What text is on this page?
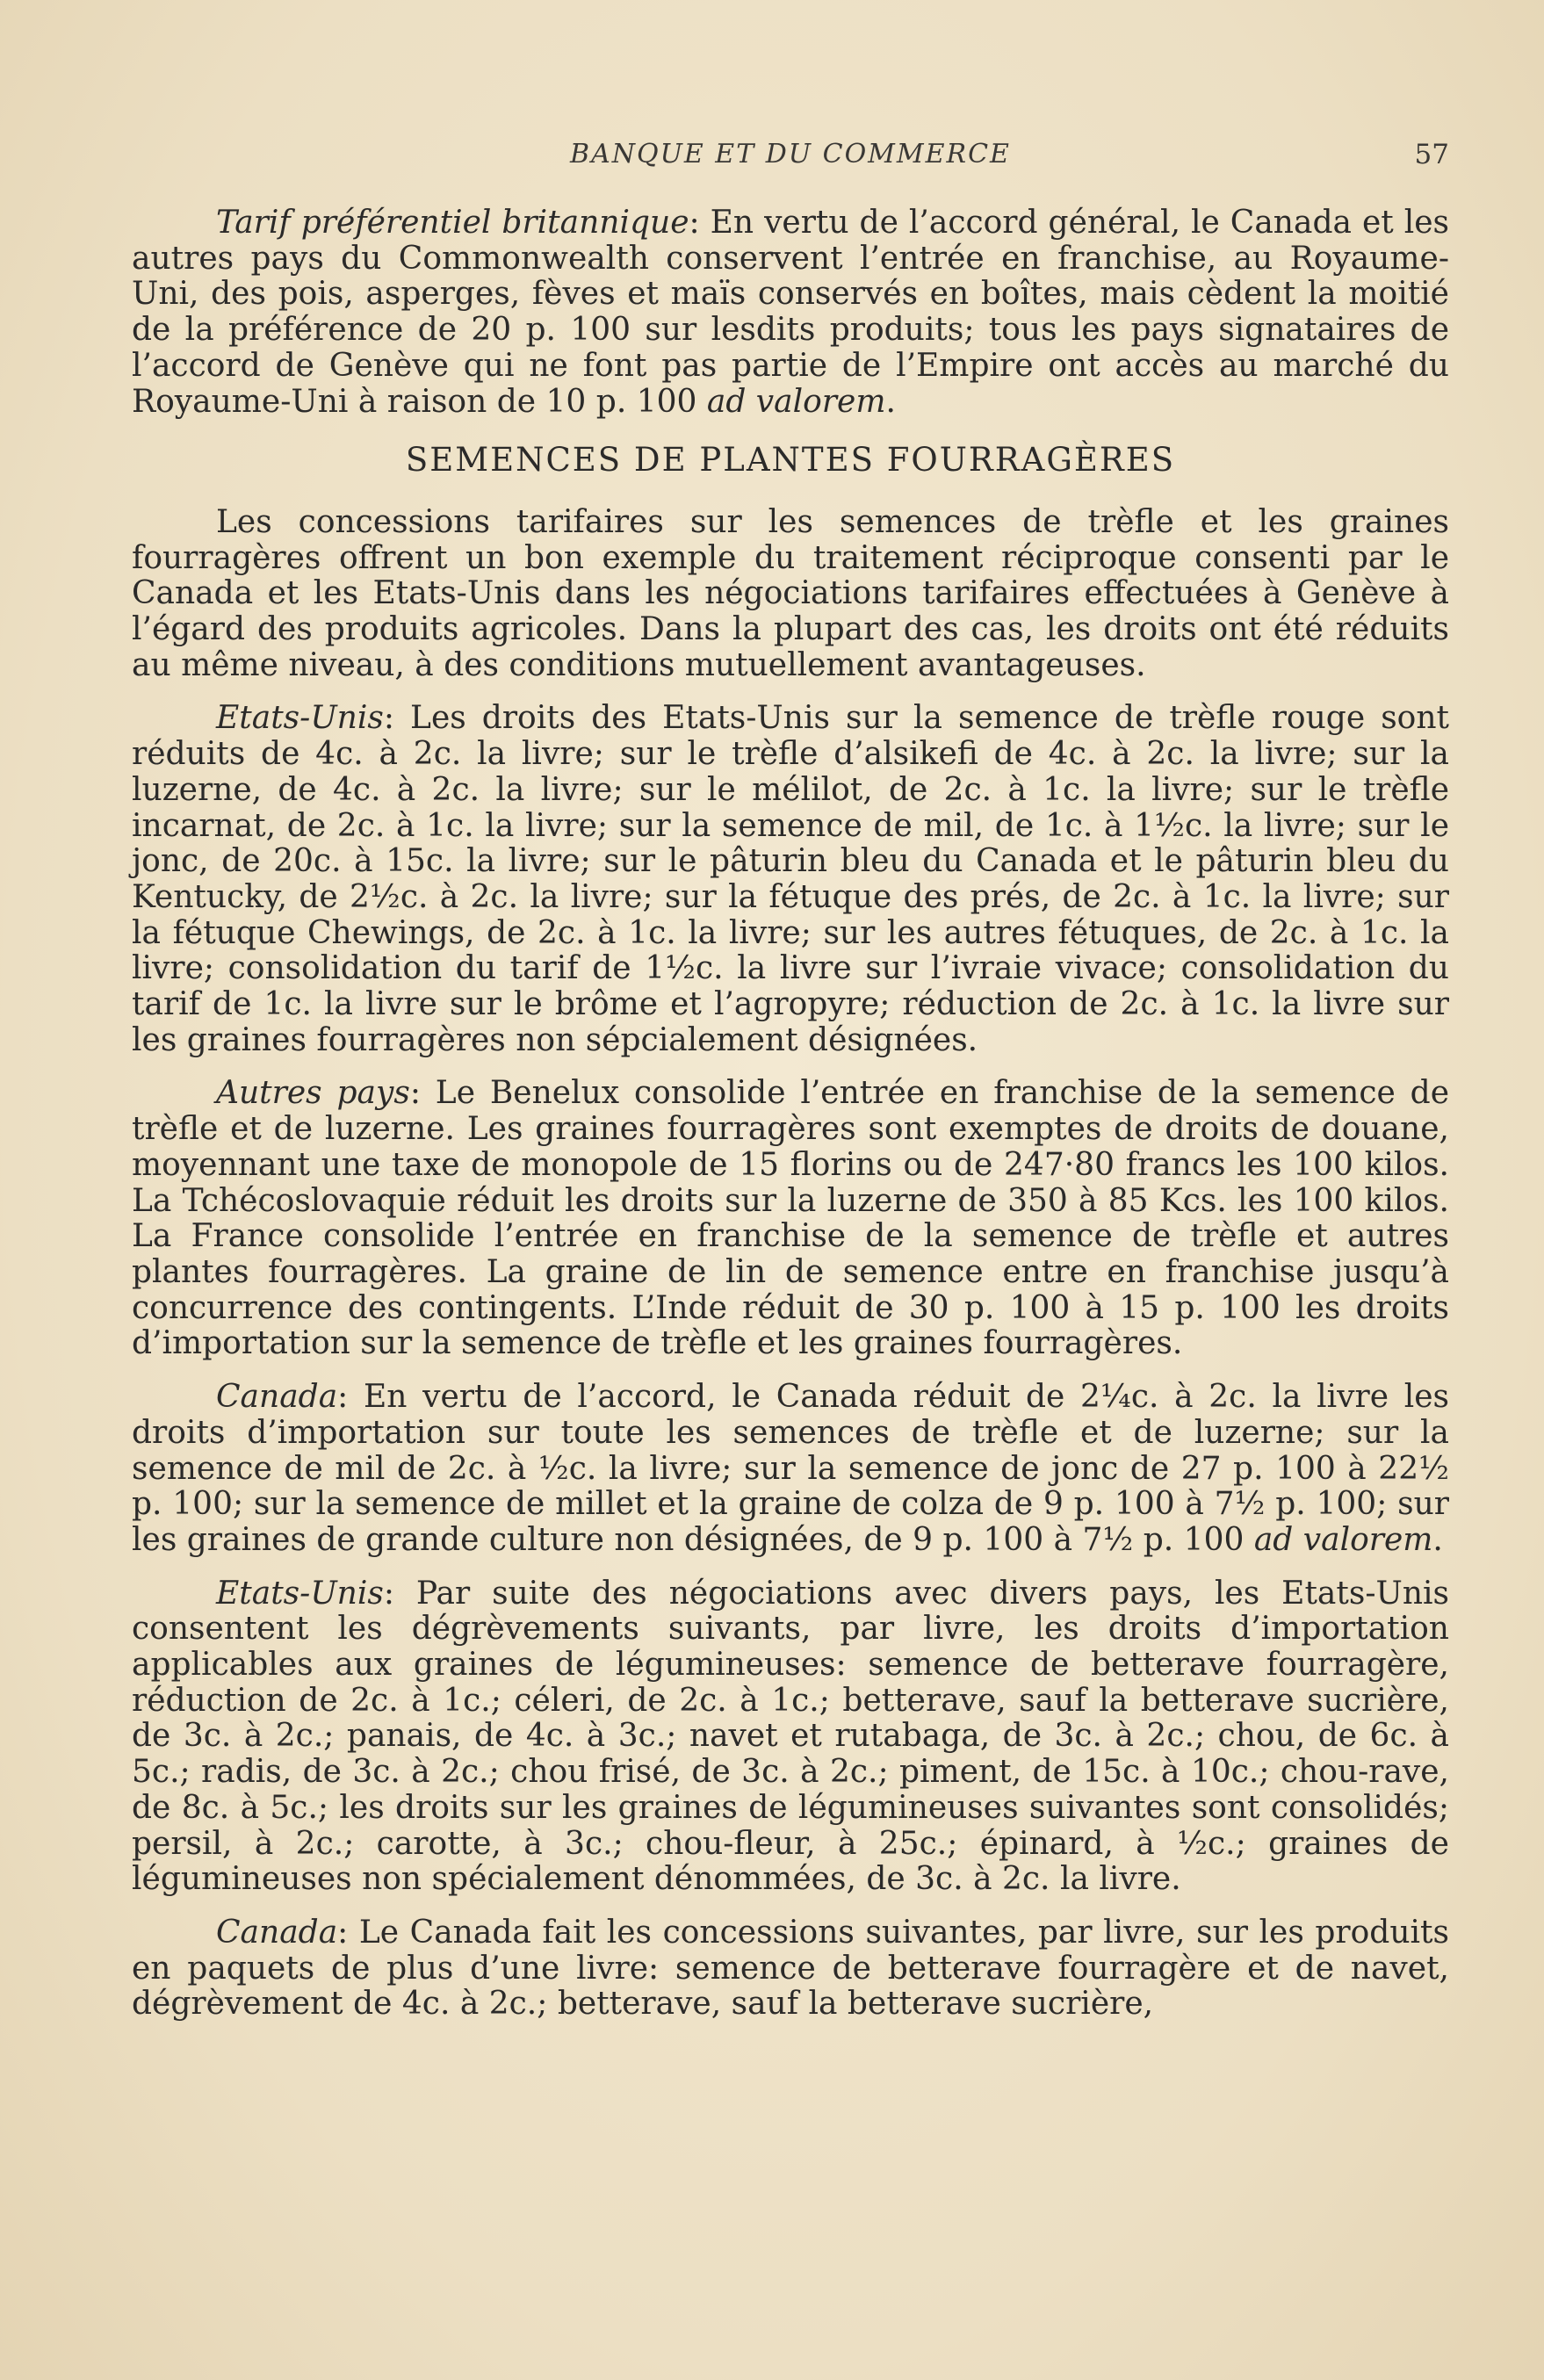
BANQUE ET DU COMMERCE	57

Tarif préférentiel britannique: En vertu de l’accord général, le Canada et les autres pays du Commonwealth conservent l’entrée en franchise, au Royaume-Uni, des pois, asperges, fèves et maïs conservés en boîtes, mais cèdent la moitié de la préférence de 20 p. 100 sur lesdits produits; tous les pays signataires de l’accord de Genève qui ne font pas partie de l’Empire ont accès au marché du Royaume-Uni à raison de 10 p. 100 ad valorem.

SEMENCES DE PLANTES FOURRAGÈRES

Les concessions tarifaires sur les semences de trèfle et les graines fourragères offrent un bon exemple du traitement réciproque consenti par le Canada et les Etats-Unis dans les négociations tarifaires effectuées à Genève à l’égard des produits agricoles. Dans la plupart des cas, les droits ont été réduits au même niveau, à des conditions mutuellement avantageuses.

Etats-Unis: Les droits des Etats-Unis sur la semence de trèfle rouge sont réduits de 4c. à 2c. la livre; sur le trèfle d’alsikefi de 4c. à 2c. la livre; sur la luzerne, de 4c. à 2c. la livre; sur le mélilot, de 2c. à 1c. la livre; sur le trèfle incarnat, de 2c. à 1c. la livre; sur la semence de mil, de 1c. à 1½c. la livre; sur le jonc, de 20c. à 15c. la livre; sur le pâturin bleu du Canada et le pâturin bleu du Kentucky, de 2½c. à 2c. la livre; sur la fétuque des prés, de 2c. à 1c. la livre; sur la fétuque Chewings, de 2c. à 1c. la livre; sur les autres fétuques, de 2c. à 1c. la livre; consolidation du tarif de 1½c. la livre sur l’ivraie vivace; consolidation du tarif de 1c. la livre sur le brôme et l’agropyre; réduction de 2c. à 1c. la livre sur les graines fourragères non sépcialement désignées.

Autres pays: Le Benelux consolide l’entrée en franchise de la semence de trèfle et de luzerne. Les graines fourragères sont exemptes de droits de douane, moyennant une taxe de monopole de 15 florins ou de 247·80 francs les 100 kilos. La Tchécoslovaquie réduit les droits sur la luzerne de 350 à 85 Kcs. les 100 kilos. La France consolide l’entrée en franchise de la semence de trèfle et autres plantes fourragères. La graine de lin de semence entre en franchise jusqu’à concurrence des contingents. L’Inde réduit de 30 p. 100 à 15 p. 100 les droits d’importation sur la semence de trèfle et les graines fourragères.

Canada: En vertu de l’accord, le Canada réduit de 2¼c. à 2c. la livre les droits d’importation sur toute les semences de trèfle et de luzerne; sur la semence de mil de 2c. à ½c. la livre; sur la semence de jonc de 27 p. 100 à 22½ p. 100; sur la semence de millet et la graine de colza de 9 p. 100 à 7½ p. 100; sur les graines de grande culture non désignées, de 9 p. 100 à 7½ p. 100 ad valorem.

Etats-Unis: Par suite des négociations avec divers pays, les Etats-Unis consentent les dégrèvements suivants, par livre, les droits d’importation applicables aux graines de légumineuses: semence de betterave fourragère, réduction de 2c. à 1c.; céleri, de 2c. à 1c.; betterave, sauf la betterave sucrière, de 3c. à 2c.; panais, de 4c. à 3c.; navet et rutabaga, de 3c. à 2c.; chou, de 6c. à 5c.; radis, de 3c. à 2c.; chou frisé, de 3c. à 2c.; piment, de 15c. à 10c.; chou-rave, de 8c. à 5c.; les droits sur les graines de légumineuses suivantes sont consolidés; persil, à 2c.; carotte, à 3c.; chou-fleur, à 25c.; épinard, à ½c.; graines de légumineuses non spécialement dénommées, de 3c. à 2c. la livre.

Canada: Le Canada fait les concessions suivantes, par livre, sur les produits en paquets de plus d’une livre: semence de betterave fourragère et de navet, dégrèvement de 4c. à 2c.; betterave, sauf la betterave sucrière,
